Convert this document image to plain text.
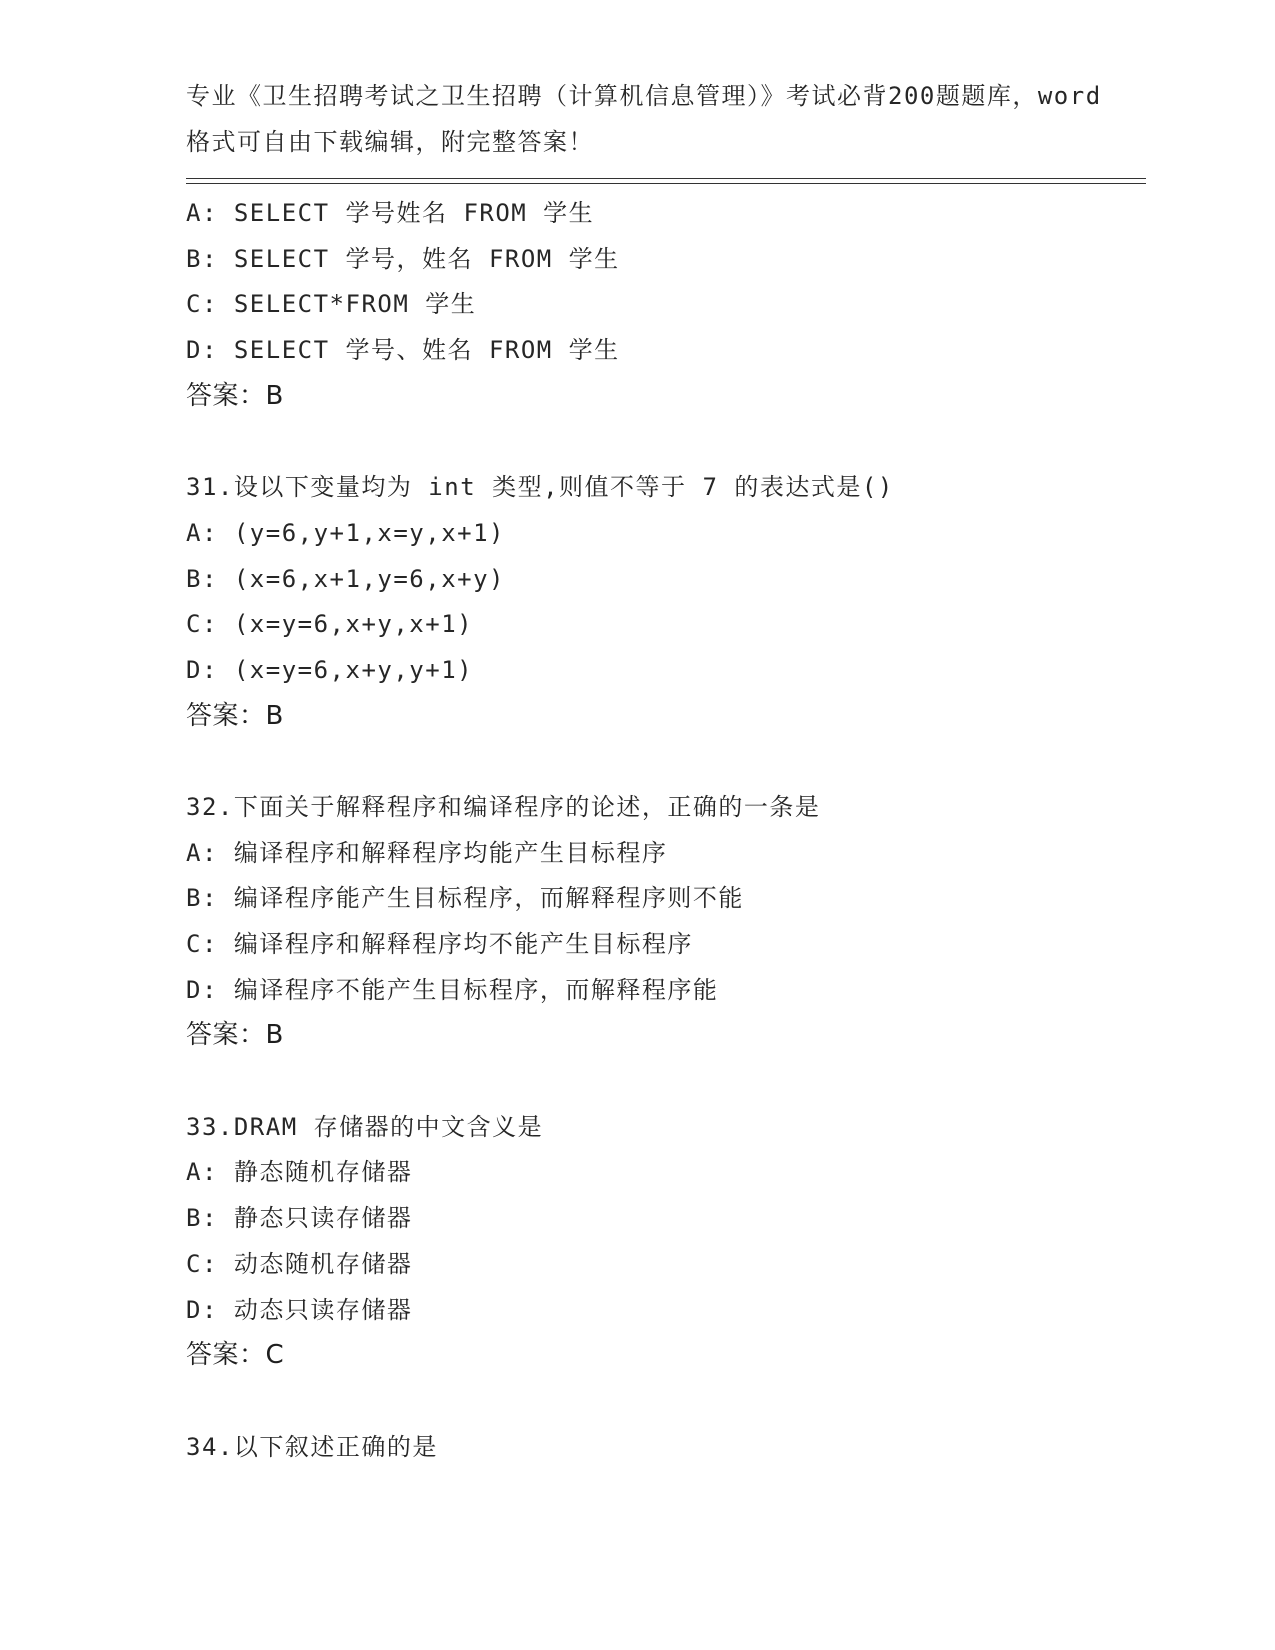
专业《卫生招聘考试之卫生招聘（计算机信息管理）》考试必背200题题库，word
格式可自由下载编辑，附完整答案！
A: SELECT 学号姓名 FROM 学生
B: SELECT 学号，姓名 FROM 学生
C: SELECT*FROM 学生
D: SELECT 学号、姓名 FROM 学生
答案：B
31.设以下变量均为 int 类型,则值不等于 7 的表达式是()
A: (y=6,y+1,x=y,x+1)
B: (x=6,x+1,y=6,x+y)
C: (x=y=6,x+y,x+1)
D: (x=y=6,x+y,y+1)
答案：B
32.下面关于解释程序和编译程序的论述，正确的一条是
A: 编译程序和解释程序均能产生目标程序
B: 编译程序能产生目标程序，而解释程序则不能
C: 编译程序和解释程序均不能产生目标程序
D: 编译程序不能产生目标程序，而解释程序能
答案：B
33.DRAM 存储器的中文含义是
A: 静态随机存储器
B: 静态只读存储器
C: 动态随机存储器
D: 动态只读存储器
答案：C
34.以下叙述正确的是
